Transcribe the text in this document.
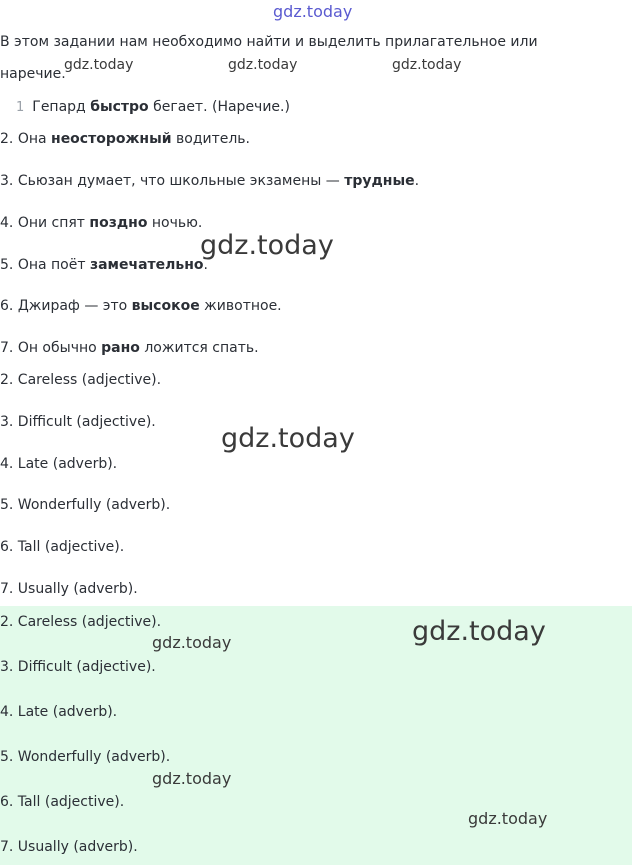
gdz.today
В этом задании нам необходимо найти и выделить прилагательное или
наречие.
gdz.today	gdz.today	gdz.today
1 Гепард быстро бегает. (Наречие.)
2. Она неосторожный водитель.
3. Сьюзан думает, что школьные экзамены — трудные.
4. Они спят поздно ночью.
gdz.today
5. Она поёт замечательно.
6. Джираф — это высокое животное.
7. Он обычно рано ложится спать.
2. Careless (adjective).
3. Difficult (adjective).
gdz.today
4. Late (adverb).
5. Wonderfully (adverb).
6. Tall (adjective).
7. Usually (adverb).
2. Careless (adjective).
3. Difficult (adjective).
4. Late (adverb).
5. Wonderfully (adverb).
6. Tall (adjective).
7. Usually (adverb).
gdz.today	gdz.today
gdz.today
gdz.today
